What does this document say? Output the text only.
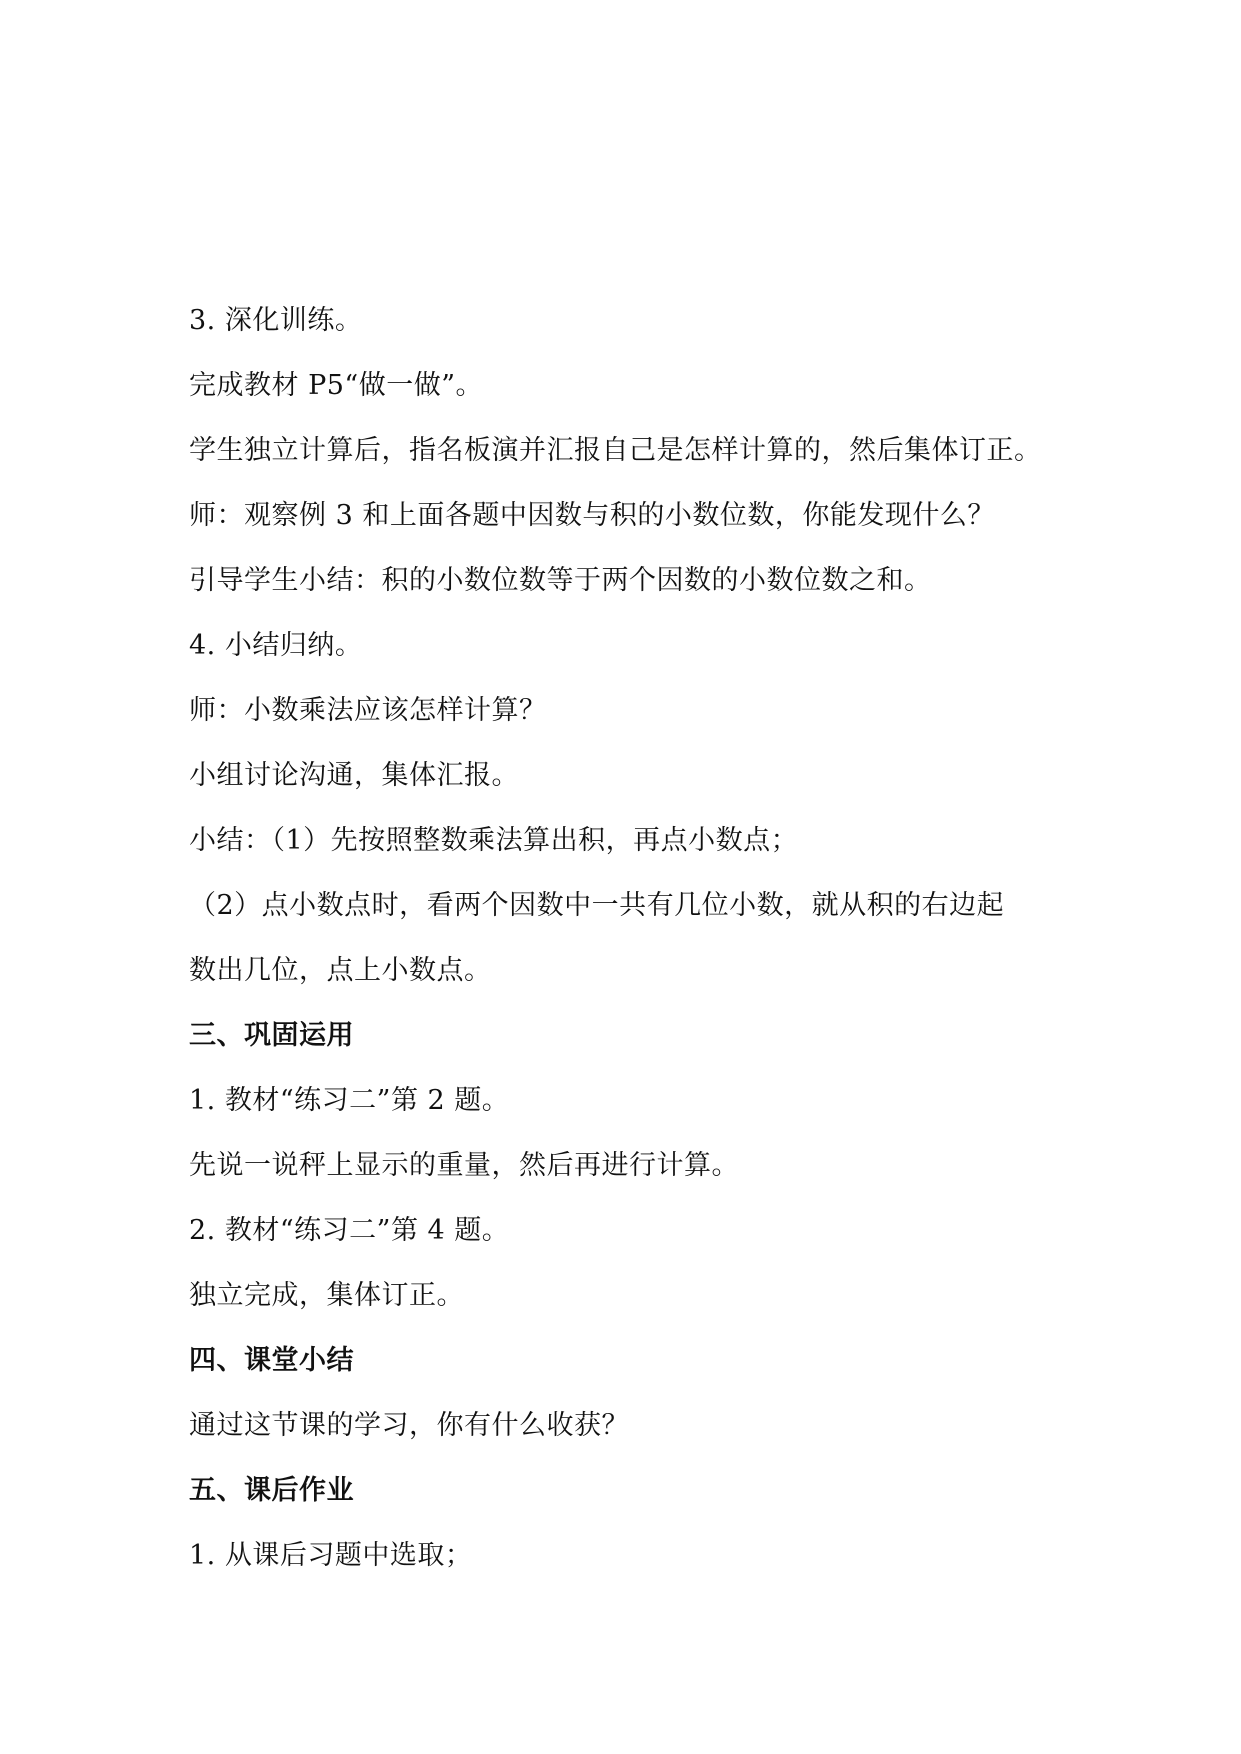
3. 深化训练。
完成教材 P5“做一做”。
学生独立计算后，指名板演并汇报自己是怎样计算的，然后集体订正。
师：观察例 3 和上面各题中因数与积的小数位数，你能发现什么？
引导学生小结：积的小数位数等于两个因数的小数位数之和。
4. 小结归纳。
师：小数乘法应该怎样计算？
小组讨论沟通，集体汇报。
小结：（1）先按照整数乘法算出积，再点小数点；
（2）点小数点时，看两个因数中一共有几位小数，就从积的右边起
数出几位，点上小数点。
三、巩固运用
1. 教材“练习二”第 2 题。
先说一说秤上显示的重量，然后再进行计算。
2. 教材“练习二”第 4 题。
独立完成，集体订正。
四、课堂小结
通过这节课的学习，你有什么收获？
五、课后作业
1. 从课后习题中选取；
